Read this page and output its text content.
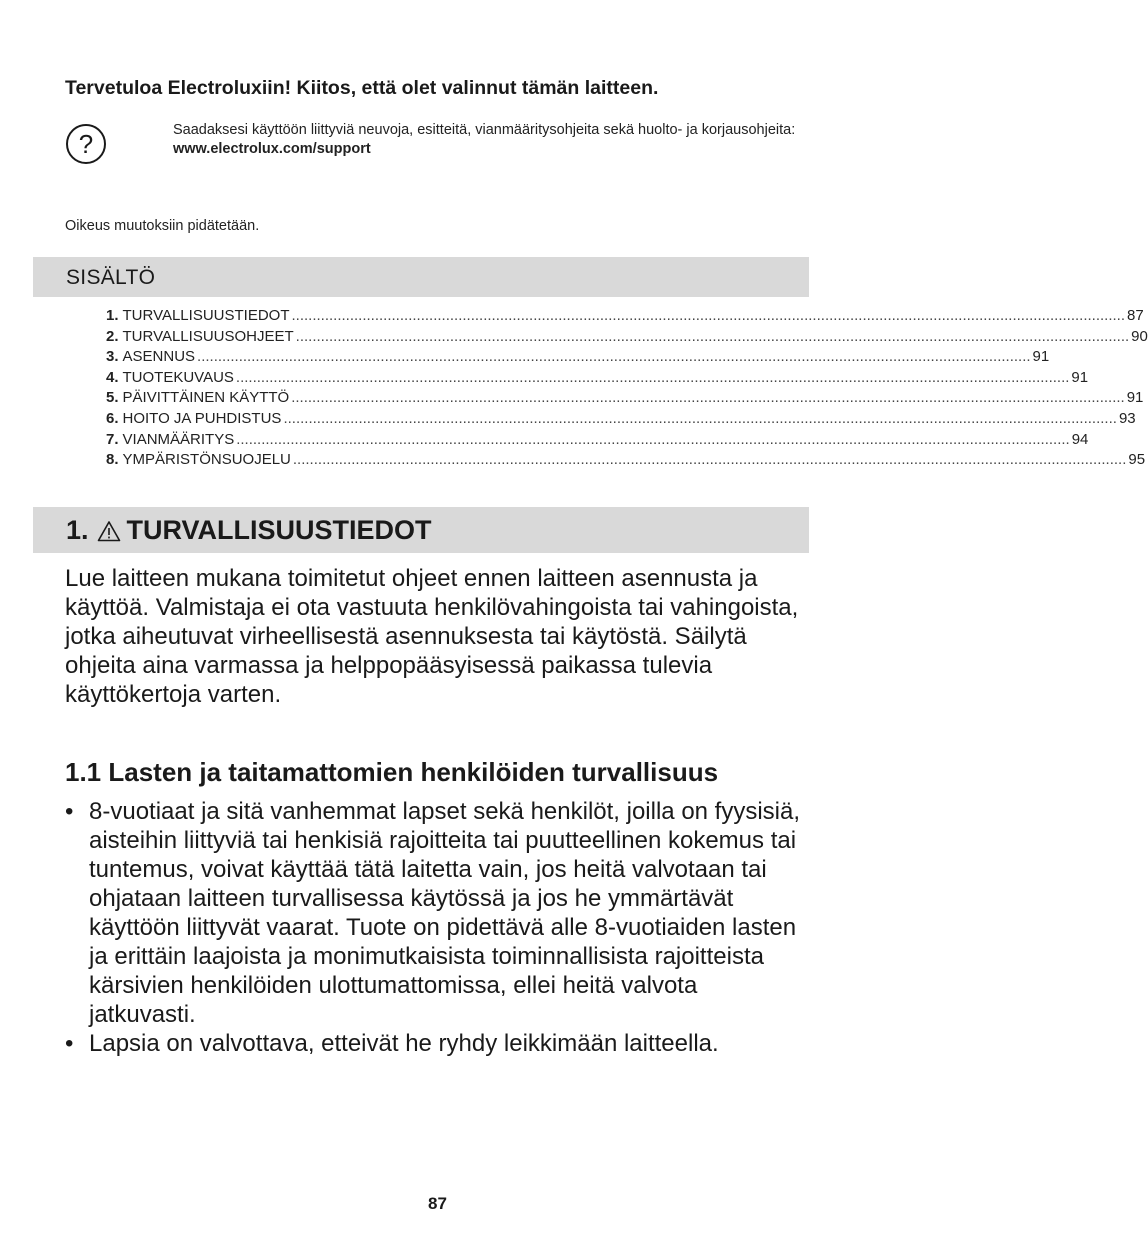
Tervetuloa Electroluxiin! Kiitos, että olet valinnut tämän laitteen.
?	Saadaksesi käyttöön liittyviä neuvoja, esitteitä, vianmääritysohjeita sekä huolto- ja korjausohjeita:
www.electrolux.com/support
Oikeus muutoksiin pidätetään.
SISÄLTÖ
1. TURVALLISUUSTIEDOT ........................................................................................................................................................................................................ 87
2. TURVALLISUUSOHJEET ........................................................................................................................................................................................................ 90
3. ASENNUS ........................................................................................................................................................................................................ 91
4. TUOTEKUVAUS ........................................................................................................................................................................................................ 91
5. PÄIVITTÄINEN KÄYTTÖ ........................................................................................................................................................................................................ 91
6. HOITO JA PUHDISTUS ........................................................................................................................................................................................................ 93
7. VIANMÄÄRITYS ........................................................................................................................................................................................................ 94
8. YMPÄRISTÖNSUOJELU ........................................................................................................................................................................................................ 95
1. TURVALLISUUSTIEDOT
Lue laitteen mukana toimitetut ohjeet ennen laitteen asennusta ja käyttöä. Valmistaja ei ota vastuuta henkilövahingoista tai vahingoista, jotka aiheutuvat virheellisestä asennuksesta tai käytöstä. Säilytä ohjeita aina varmassa ja helppopääsyisessä paikassa tulevia käyttökertoja varten.
1.1 Lasten ja taitamattomien henkilöiden turvallisuus
• 8-vuotiaat ja sitä vanhemmat lapset sekä henkilöt, joilla on fyysisiä, aisteihin liittyviä tai henkisiä rajoitteita tai puutteellinen kokemus tai tuntemus, voivat käyttää tätä laitetta vain, jos heitä valvotaan tai ohjataan laitteen turvallisessa käytössä ja jos he ymmärtävät käyttöön liittyvät vaarat. Tuote on pidettävä alle 8-vuotiaiden lasten ja erittäin laajoista ja monimutkaisista toiminnallisista rajoitteista kärsivien henkilöiden ulottumattomissa, ellei heitä valvota jatkuvasti.
• Lapsia on valvottava, etteivät he ryhdy leikkimään laitteella.
87
